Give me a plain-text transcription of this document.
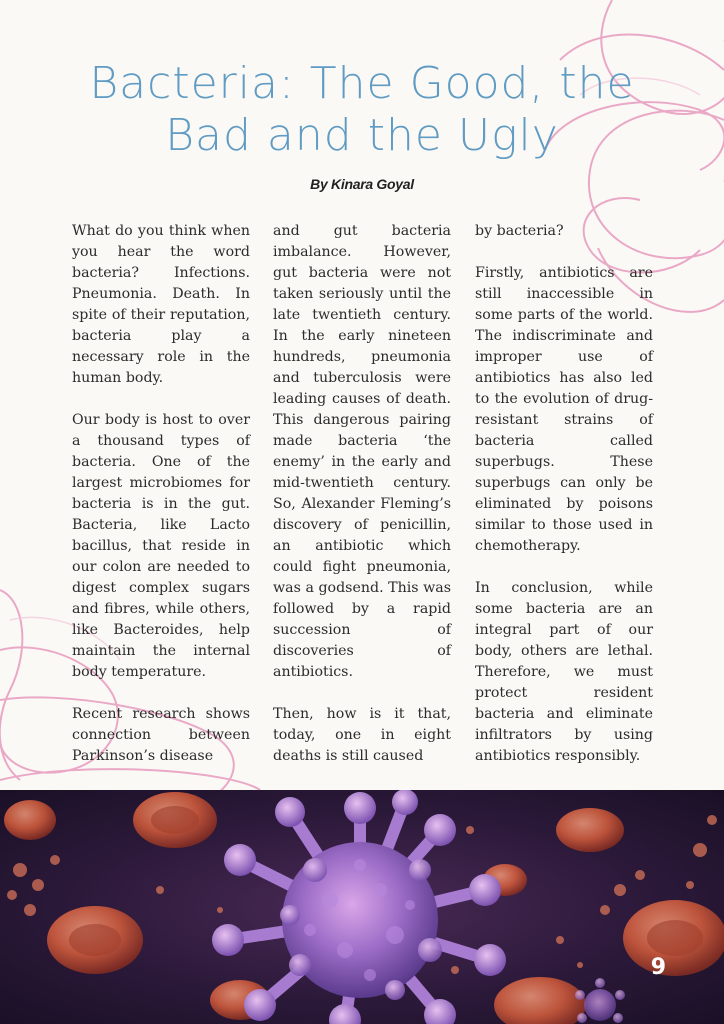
Bacteria: The Good, the Bad and the Ugly

By Kinara Goyal

What do you think when you hear the word bacteria? Infections. Pneumonia. Death. In spite of their reputation, bacteria play a necessary role in the human body.

Our body is host to over a thousand types of bacteria. One of the largest microbiomes for bacteria is in the gut. Bacteria, like Lacto bacillus, that reside in our colon are needed to digest complex sugars and fibres, while others, like Bacteroides, help maintain the internal body temperature.

Recent research shows connection between Parkinson’s disease

and gut bacteria imbalance. However, gut bacteria were not taken seriously until the late twentieth century. In the early nineteen hundreds, pneumonia and tuberculosis were leading causes of death. This dangerous pairing made bacteria ‘the enemy’ in the early and mid-twentieth century. So, Alexander Fleming’s discovery of penicillin, an antibiotic which could fight pneumonia, was a godsend. This was followed by a rapid succession of discoveries of antibiotics.

Then, how is it that, today, one in eight deaths is still caused

by bacteria?

Firstly, antibiotics are still inaccessible in some parts of the world. The indiscriminate and improper use of antibiotics has also led to the evolution of drug-resistant strains of bacteria called superbugs. These superbugs can only be eliminated by poisons similar to those used in chemotherapy.

In conclusion, while some bacteria are an integral part of our body, others are lethal. Therefore, we must protect resident bacteria and eliminate infiltrators by using antibiotics responsibly.

9
